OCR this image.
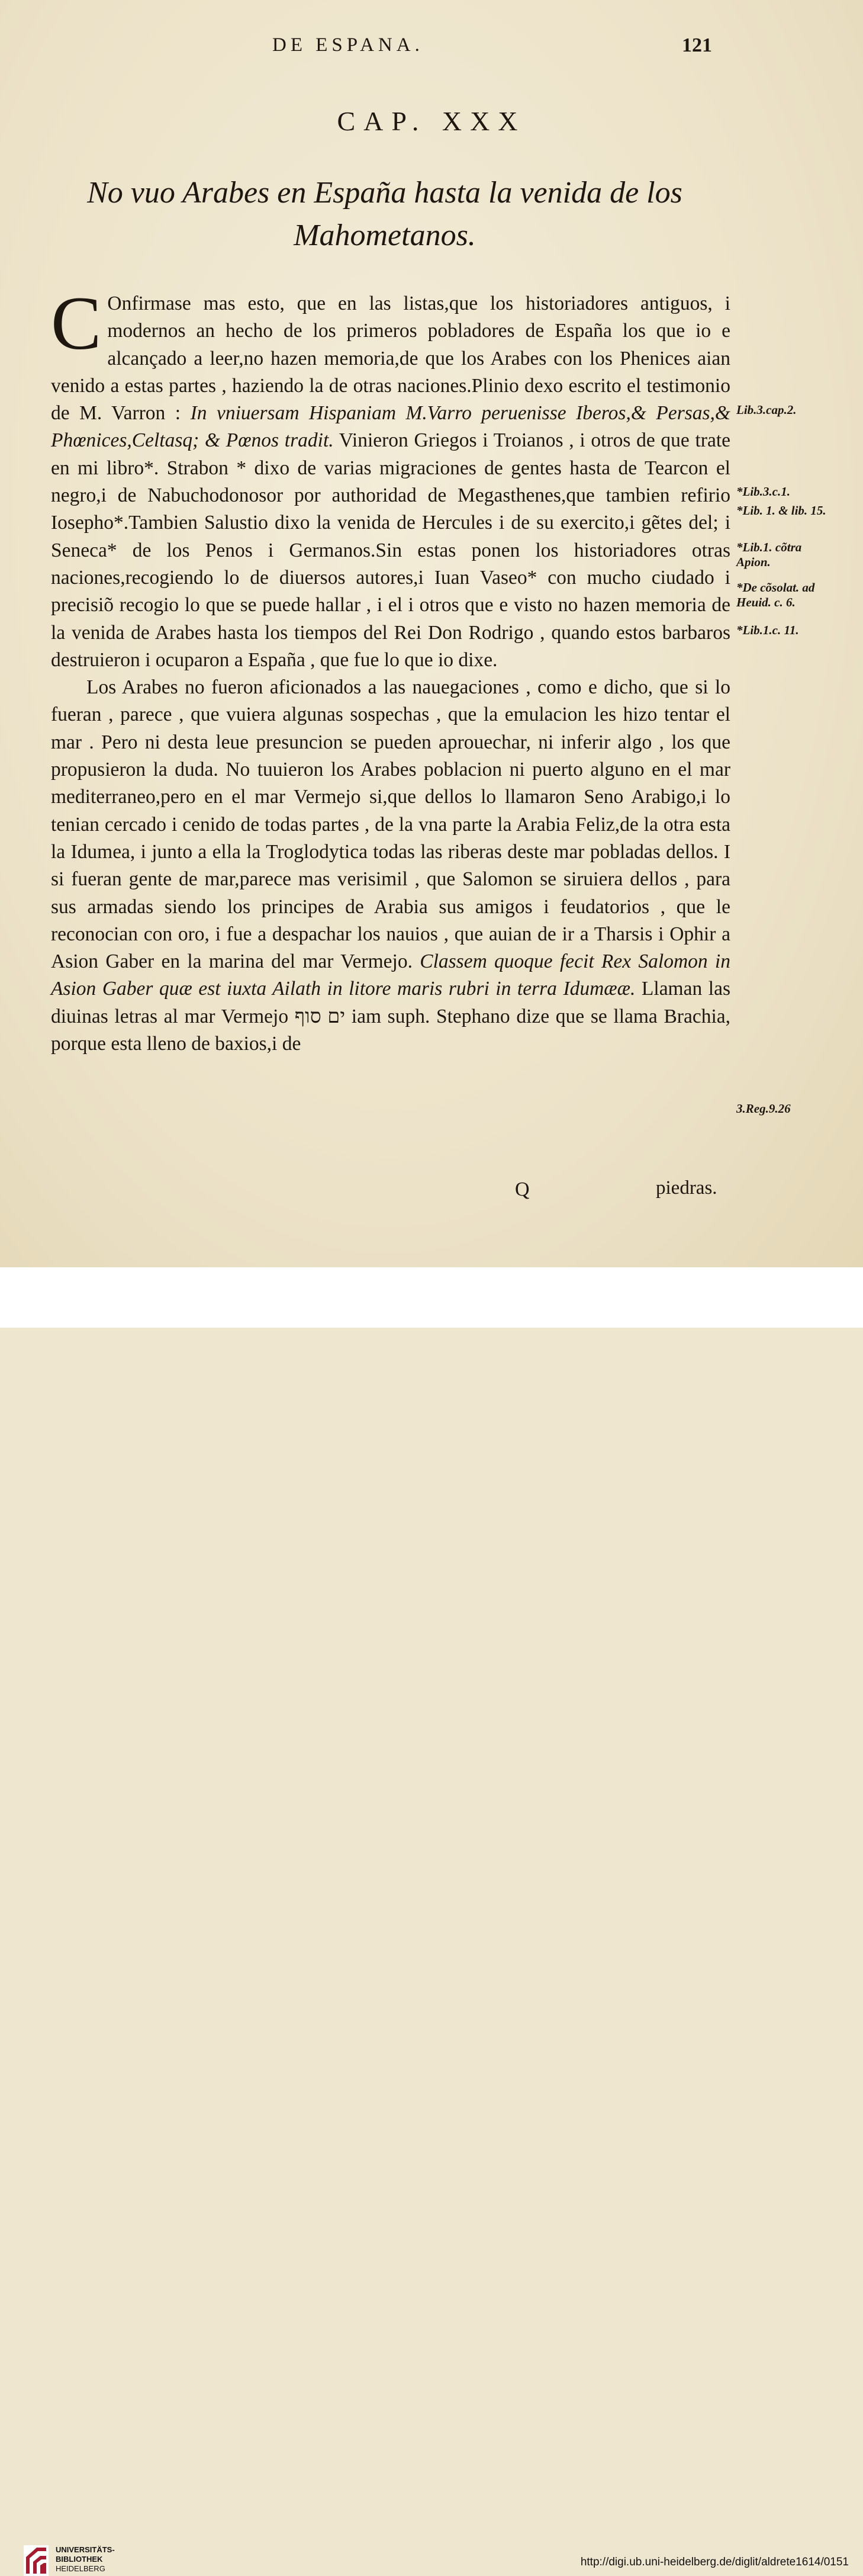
DE ESPANA.	121
CAP. XXX
No vuo Arabes en España hasta la venida de los
Mahometanos.

C Onfirmase mas esto, que en las listas,que los historiadores antiguos, i modernos an hecho de los primeros pobladores de España los que io e alcançado a leer,no hazen memoria,de que los Arabes con los Phenices aian venido a estas partes , haziendo la de otras naciones.Plinio dexo escrito el testimonio de M. Varron : In vniuersam Hispaniam M.Varro peruenisse Iberos,& Persas,& Phœnices,Celtasq; & Pœnos tradit. Vinieron Griegos i Troianos , i otros de que trate en mi libro*. Strabon * dixo de varias migraciones de gentes hasta de Tearcon el negro,i de Nabuchodonosor por authoridad de Megasthenes,que tambien refirio Iosepho*.Tambien Salustio dixo la venida de Hercules i de su exercito,i gẽtes del; i Seneca* de los Penos i Germanos.Sin estas ponen los historiadores otras naciones,recogiendo lo de diuersos autores,i Iuan Vaseo* con mucho ciudado i precisiõ recogio lo que se puede hallar , i el i otros que e visto no hazen memoria de la venida de Arabes hasta los tiempos del Rei Don Rodrigo , quando estos barbaros destruieron i ocuparon a España , que fue lo que io dixe.

Los Arabes no fueron aficionados a las nauegaciones , como e dicho, que si lo fueran , parece , que vuiera algunas sospechas , que la emulacion les hizo tentar el mar . Pero ni desta leue presuncion se pueden aprouechar, ni inferir algo , los que propusieron la duda. No tuuieron los Arabes poblacion ni puerto alguno en el mar mediterraneo,pero en el mar Vermejo si,que dellos lo llamaron Seno Arabigo,i lo tenian cercado i cenido de todas partes , de la vna parte la Arabia Feliz,de la otra esta la Idumea, i junto a ella la Troglodytica todas las riberas deste mar pobladas dellos. I si fueran gente de mar,parece mas verisimil , que Salomon se siruiera dellos , para sus armadas siendo los principes de Arabia sus amigos i feudatorios , que le reconocian con oro, i fue a despachar los nauios , que auian de ir a Tharsis i Ophir a Asion Gaber en la marina del mar Vermejo. Classem quoque fecit Rex Salomon in Asion Gaber quæ est iuxta Ailath in litore maris rubri in terra Idumææ. Llaman las diuinas letras al mar Vermejo ים סוף iam suph. Stephano dize que se llama Brachia, porque esta lleno de baxios,i de

Lib.3.cap.2.
*Lib.3.c.1.
*Lib. 1. & lib. 15.
*Lib.1. cõtra Apion.
*De cõsolat. ad Heuid. c. 6.
*Lib.1.c. 11.
3.Reg.9.26
Q	piedras.
UNIVERSITÄTS-
BIBLIOTHEK
HEIDELBERG
http://digi.ub.uni-heidelberg.de/diglit/aldrete1614/0151
